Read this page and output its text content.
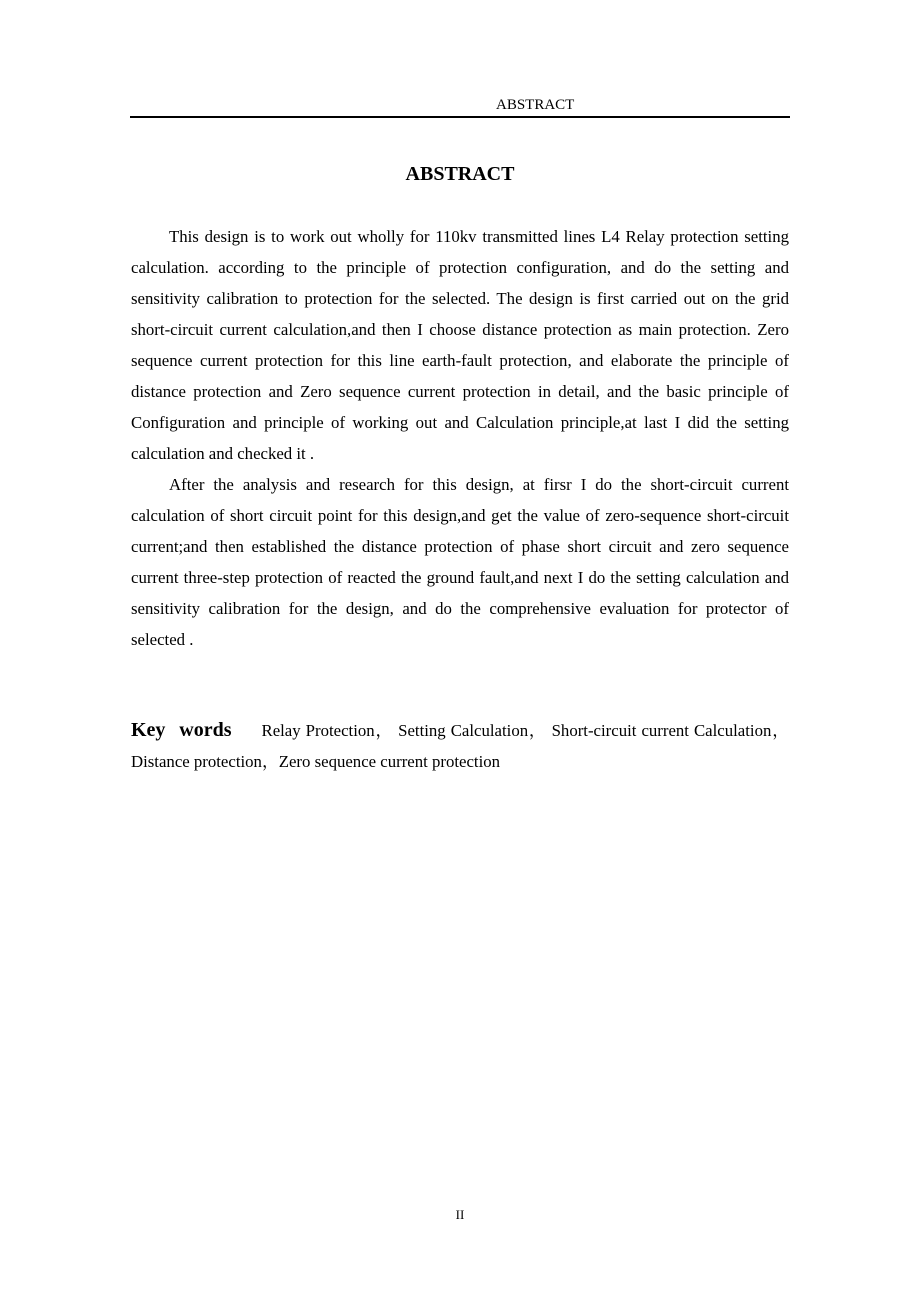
ABSTRACT
ABSTRACT

This design is to work out wholly for 110kv transmitted lines L4 Relay protection setting calculation. according to the principle of protection configuration, and do the setting and sensitivity calibration to protection for the selected. The design is first carried out on the grid short-circuit current calculation,and then I choose distance protection as main protection. Zero sequence current protection for this line earth-fault protection, and elaborate the principle of distance protection and Zero sequence current protection in detail, and the basic principle of Configuration and principle of working out and Calculation principle,at last I did the setting calculation and checked it .

After the analysis and research for this design, at firsr I do the short-circuit current calculation of short circuit point for this design,and get the value of zero-sequence short-circuit current;and then established the distance protection of phase short circuit and zero sequence current three-step protection of reacted the ground fault,and next I do the setting calculation and sensitivity calibration for the design, and do the comprehensive evaluation for protector of selected .

Key words Relay Protection， Setting Calculation， Short-circuit current Calculation， Distance protection，Zero sequence current protection
II
